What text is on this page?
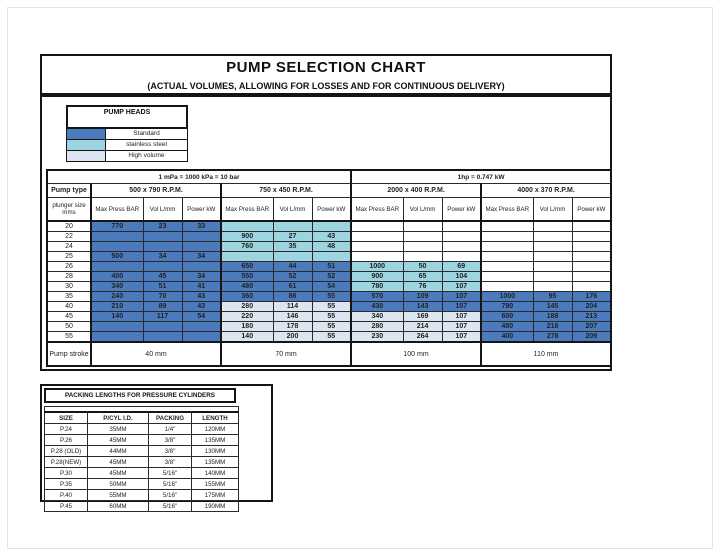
PUMP SELECTION CHART
(ACTUAL VOLUMES, ALLOWING FOR LOSSES AND FOR CONTINUOUS DELIVERY)
PUMP HEADS
Standard
stainless steel
High volume
1 mPa = 1000 kPa = 10 bar							1hp = 0.747 kW					
Pump type	500 x 790 R.P.M.			750 x 450 R.P.M.			2000 x 400 R.P.M.			4000 x 370 R.P.M.		
plunger size mms	Max Press BAR	Vol L/mm	Power kW	Max Press BAR	Vol L/mm	Power kW	Max Press BAR	Vol L/mm	Power kW	Max Press BAR	Vol L/mm	Power kW
20	770	23	33									
22				900	27	43						
24				760	35	48						
25	500	34	34									
26				650	44	51	1000	50	69			
28	400	45	34	550	52	52	900	65	104			
30	340	51	41	480	61	54	780	76	107			
35	240	70	43	360	86	55	570	109	107	1000	95	176
40	210	89	43	280	114	55	430	143	107	790	145	204
45	140	117	54	220	146	55	340	169	107	600	188	213
50				180	178	55	280	214	107	480	218	207
55				140	200	55	230	264	107	400	278	209
Pump stroke	40 mm			70 mm			100 mm			110 mm		
PACKING LENGTHS FOR PRESSURE CYLINDERS

SIZE	P/CYL I.D.	PACKING	LENGTH
P.24	35MM	1/4"	120MM
P.26	45MM	3/8"	135MM
P.28 (OLD)	44MM	3/8"	130MM
P.28(NEW)	45MM	3/8"	135MM
P.30	45MM	5/16"	140MM
P.35	50MM	5/16"	155MM
P.40	55MM	5/16"	175MM
P.45	60MM	5/16"	190MM
